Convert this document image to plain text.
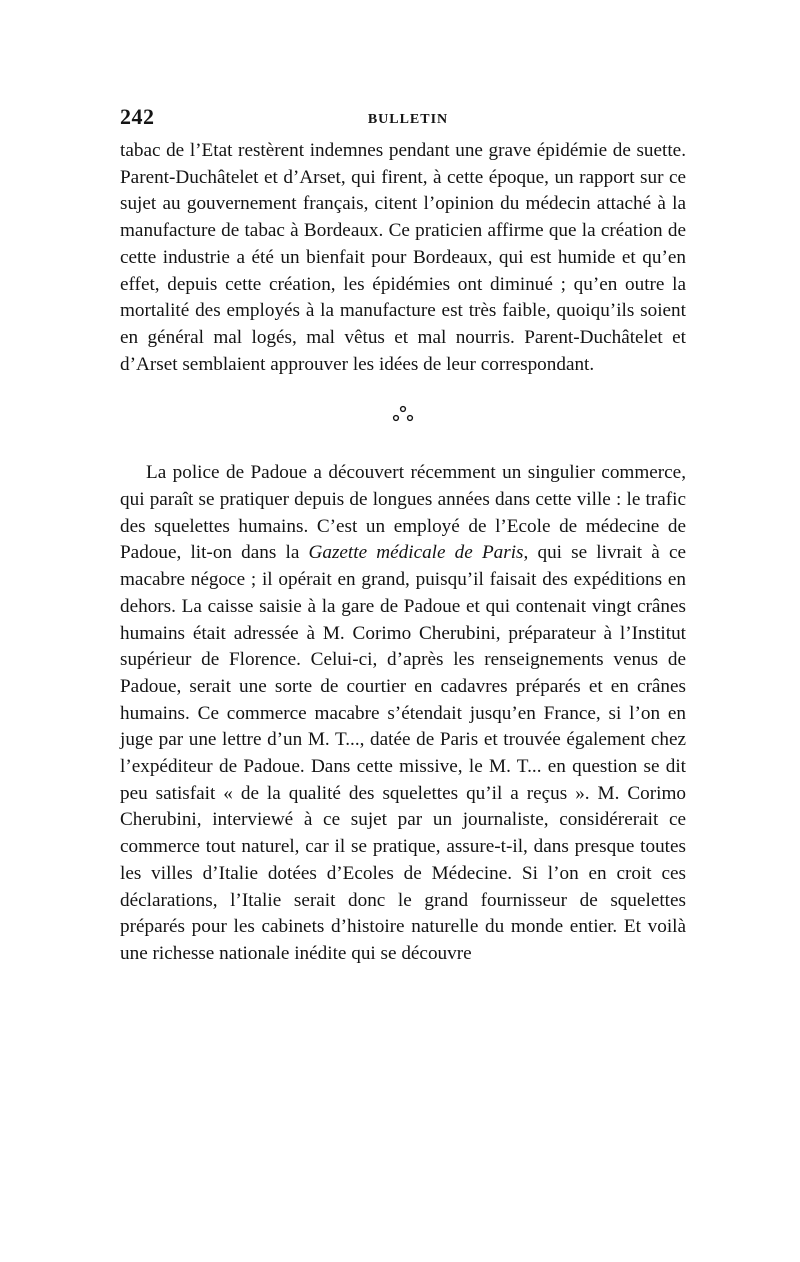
242	BULLETIN

tabac de l’Etat restèrent indemnes pendant une grave épidémie de suette. Parent-Duchâtelet et d’Arset, qui firent, à cette époque, un rapport sur ce sujet au gouvernement français, citent l’opinion du médecin attaché à la manufacture de tabac à Bordeaux. Ce praticien affirme que la création de cette industrie a été un bienfait pour Bordeaux, qui est humide et qu’en effet, depuis cette création, les épidémies ont diminué ; qu’en outre la mortalité des employés à la manufacture est très faible, quoiqu’ils soient en général mal logés, mal vêtus et mal nourris. Parent-Duchâtelet et d’Arset semblaient approuver les idées de leur correspondant.

La police de Padoue a découvert récemment un singulier commerce, qui paraît se pratiquer depuis de longues années dans cette ville : le trafic des squelettes humains. C’est un employé de l’Ecole de médecine de Padoue, lit-on dans la Gazette médicale de Paris, qui se livrait à ce macabre négoce ; il opérait en grand, puisqu’il faisait des expéditions en dehors. La caisse saisie à la gare de Padoue et qui contenait vingt crânes humains était adressée à M. Corimo Cherubini, préparateur à l’Institut supérieur de Florence. Celui-ci, d’après les renseignements venus de Padoue, serait une sorte de courtier en cadavres préparés et en crânes humains. Ce commerce macabre s’étendait jusqu’en France, si l’on en juge par une lettre d’un M. T..., datée de Paris et trouvée également chez l’expéditeur de Padoue. Dans cette missive, le M. T... en question se dit peu satisfait « de la qualité des squelettes qu’il a reçus ». M. Corimo Cherubini, interviewé à ce sujet par un journaliste, considérerait ce commerce tout naturel, car il se pratique, assure-t-il, dans presque toutes les villes d’Italie dotées d’Ecoles de Médecine. Si l’on en croit ces déclarations, l’Italie serait donc le grand fournisseur de squelettes préparés pour les cabinets d’histoire naturelle du monde entier. Et voilà une richesse nationale inédite qui se découvre
